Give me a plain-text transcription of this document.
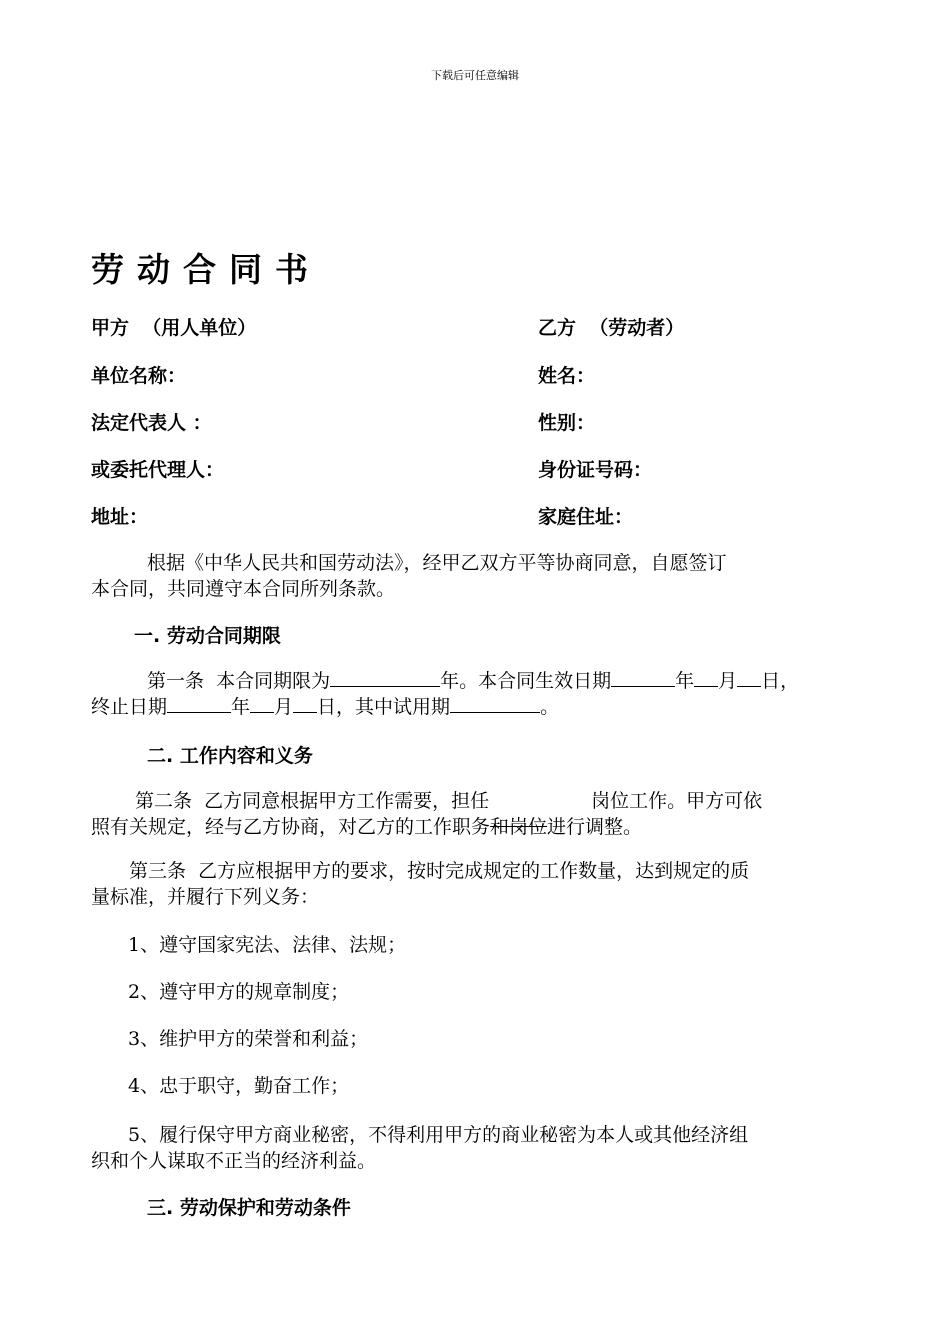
下载后可任意编辑
劳动合同书
甲方  （用人单位）	乙方  （劳动者）
单位名称：	姓名：
法定代表人 ：	性别：
或委托代理人：	身份证号码：
地址：	家庭住址：
根据《中华人民共和国劳动法》，经甲乙双方平等协商同意，自愿签订
本合同，共同遵守本合同所列条款。
一. 劳动合同期限
第一条  本合同期限为	年。本合同生效日期	年 月 日，
终止日期	年 月 日，其中试用期	。
二. 工作内容和义务
第二条  乙方同意根据甲方工作需要，担任	岗位工作。甲方可依
照有关规定，经与乙方协商，对乙方的工作职务和岗位进行调整。
第三条  乙方应根据甲方的要求，按时完成规定的工作数量，达到规定的质
量标准，并履行下列义务：
1、遵守国家宪法、法律、法规；
2、遵守甲方的规章制度；
3、维护甲方的荣誉和利益；
4、忠于职守，勤奋工作；
5、履行保守甲方商业秘密，不得利用甲方的商业秘密为本人或其他经济组
织和个人谋取不正当的经济利益。
三. 劳动保护和劳动条件
